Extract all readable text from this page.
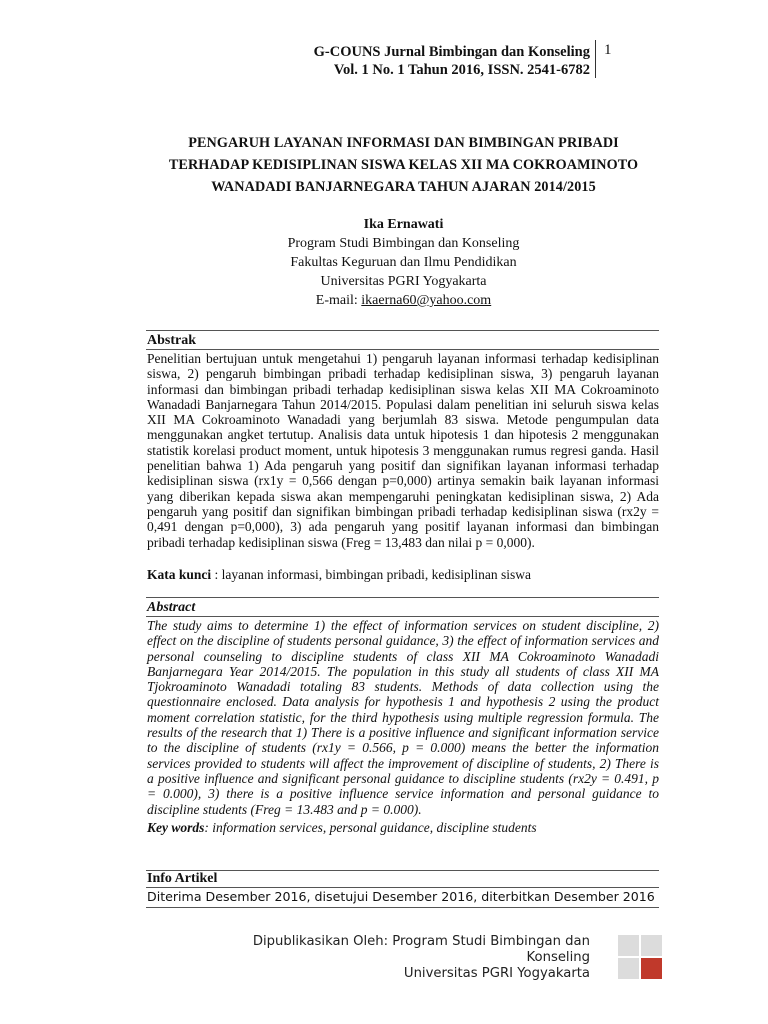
G-COUNS Jurnal Bimbingan dan Konseling
Vol. 1 No. 1 Tahun 2016, ISSN. 2541-6782
1
PENGARUH LAYANAN INFORMASI DAN BIMBINGAN PRIBADI
TERHADAP KEDISIPLINAN SISWA KELAS XII MA COKROAMINOTO
WANADADI BANJARNEGARA TAHUN AJARAN 2014/2015
Ika Ernawati
Program Studi Bimbingan dan Konseling
Fakultas Keguruan dan Ilmu Pendidikan
Universitas PGRI Yogyakarta
E-mail: ikaerna60@yahoo.com
Abstrak
Penelitian bertujuan untuk mengetahui 1) pengaruh layanan informasi terhadap kedisiplinan siswa, 2) pengaruh bimbingan pribadi terhadap kedisiplinan siswa, 3) pengaruh layanan informasi dan bimbingan pribadi terhadap kedisiplinan siswa kelas XII MA Cokroaminoto Wanadadi Banjarnegara Tahun 2014/2015. Populasi dalam penelitian ini seluruh siswa kelas XII MA Cokroaminoto Wanadadi yang berjumlah 83 siswa. Metode pengumpulan data menggunakan angket tertutup. Analisis data untuk hipotesis 1 dan hipotesis 2 menggunakan statistik korelasi product moment, untuk hipotesis 3 menggunakan rumus regresi ganda. Hasil penelitian bahwa 1) Ada pengaruh yang positif dan signifikan layanan informasi terhadap kedisiplinan siswa (rx1y = 0,566 dengan p=0,000) artinya semakin baik layanan informasi yang diberikan kepada siswa akan mempengaruhi peningkatan kedisiplinan siswa, 2) Ada pengaruh yang positif dan signifikan bimbingan pribadi terhadap kedisiplinan siswa (rx2y = 0,491 dengan p=0,000), 3) ada pengaruh yang positif layanan informasi dan bimbingan pribadi terhadap kedisiplinan siswa (Freg = 13,483 dan nilai p = 0,000).
Kata kunci : layanan informasi, bimbingan pribadi, kedisiplinan siswa
Abstract
The study aims to determine 1) the effect of information services on student discipline, 2) effect on the discipline of students personal guidance, 3) the effect of information services and personal counseling to discipline students of class XII MA Cokroaminoto Wanadadi Banjarnegara Year 2014/2015. The population in this study all students of class XII MA Tjokroaminoto Wanadadi totaling 83 students. Methods of data collection using the questionnaire enclosed. Data analysis for hypothesis 1 and hypothesis 2 using the product moment correlation statistic, for the third hypothesis using multiple regression formula. The results of the research that 1) There is a positive influence and significant information service to the discipline of students (rx1y = 0.566, p = 0.000) means the better the information services provided to students will affect the improvement of discipline of students, 2) There is a positive influence and significant personal guidance to discipline students (rx2y = 0.491, p = 0.000), 3) there is a positive influence service information and personal guidance to discipline students (Freg = 13.483 and p = 0.000).
Key words: information services, personal guidance, discipline students
Info Artikel
Diterima Desember 2016, disetujui Desember 2016, diterbitkan Desember 2016
Dipublikasikan Oleh: Program Studi Bimbingan dan
Konseling
Universitas PGRI Yogyakarta
